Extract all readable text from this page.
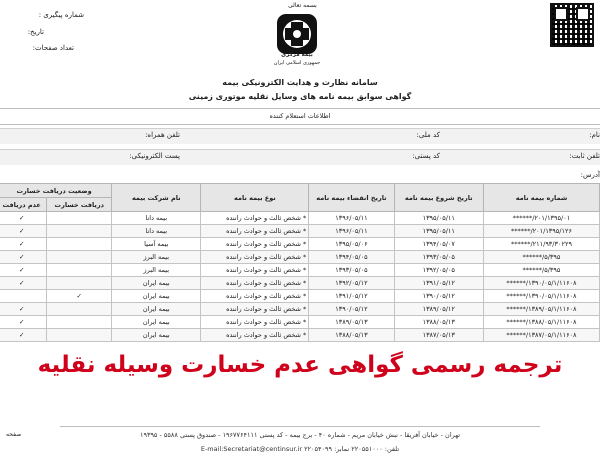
بسمه تعالی
شماره پیگیری :
تاریخ:
تعداد صفحات:
بیمه مرکزی
جمهوری اسلامی ایران
سامانه نظارت و هدایت الکترونیکی بیمه
گواهی سوابق بیمه نامه های وسایل نقلیه موتوری زمینی
اطلاعات استعلام کننده
نام:
کد ملی:
تلفن همراه:
تلفن ثابت:
کد پستی:
پست الکترونیکی:
آدرس:
شماره بیمه نامه	تاریخ شروع بیمه نامه	تاریخ انقضاء بیمه نامه	نوع بیمه نامه	نام شرکت بیمه	وضعیت دریافت خسارت	
					دریافت خسارت	عدم دریافت
۲۰۱/۱۳۹۵/۰۱/******	۱۳۹۵/۰۵/۱۱	۱۳۹۶/۰۵/۱۱	* شخص ثالث و حوادث راننده	بیمه دانا		✓
۲۰۱/۱۳۹۵/۱۲۶/******	۱۳۹۵/۰۵/۱۱	۱۳۹۶/۰۵/۱۱	* شخص ثالث و حوادث راننده	بیمه دانا		✓
۲۱۱/۹۳/۳۰۲۲۹/******	۱۳۹۴/۰۵/۰۷	۱۳۹۵/۰۵/۰۶	* شخص ثالث و حوادث راننده	بیمه آسیا		✓
۵/۳۹۵/******	۱۳۹۳/۰۵/۰۵	۱۳۹۴/۰۵/۰۵	* شخص ثالث و حوادث راننده	بیمه البرز		✓
۵/۳۹۵/******	۱۳۹۲/۰۵/۰۵	۱۳۹۳/۰۵/۰۵	* شخص ثالث و حوادث راننده	بیمه البرز		✓
۱۳۹۰/۰۵/۱/۱۱۶۰۸/******	۱۳۹۱/۰۵/۱۲	۱۳۹۲/۰۵/۱۲	* شخص ثالث و حوادث راننده	بیمه ایران		✓
۱۳۹۰/۰۵/۱/۱۱۶۰۸/******	۱۳۹۰/۰۵/۱۲	۱۳۹۱/۰۵/۱۲	* شخص ثالث و حوادث راننده	بیمه ایران	✓	
۱۳۸۹/۰۵/۱/۱۱۶۰۸/******	۱۳۸۹/۰۵/۱۲	۱۳۹۰/۰۵/۱۲	* شخص ثالث و حوادث راننده	بیمه ایران		✓
۱۳۸۸/۰۵/۱/۱۱۶۰۸/******	۱۳۸۸/۰۵/۱۳	۱۳۸۹/۰۵/۱۳	* شخص ثالث و حوادث راننده	بیمه ایران		✓
۱۳۸۷/۰۵/۱/۱۱۶۰۸/******	۱۳۸۷/۰۵/۱۳	۱۳۸۸/۰۵/۱۳	* شخص ثالث و حوادث راننده	بیمه ایران		✓
ترجمه رسمی گواهی عدم خسارت وسیله نقلیه
صفحه	تهران - خیابان آفریقا - نبش خیابان مریم - شماره ۴۰ - برج بیمه - کد پستی ۱۹۶۷۷۶۴۱۱۱ - صندوق پستی ۵۵۸۸ - ۱۹۳۹۵
E-mail:Secretariat@centinsur.ir تلفن: ۲۲۰۵۵۱۰۰۰ نمابر: ۲۲۰۵۴۰۹۹
